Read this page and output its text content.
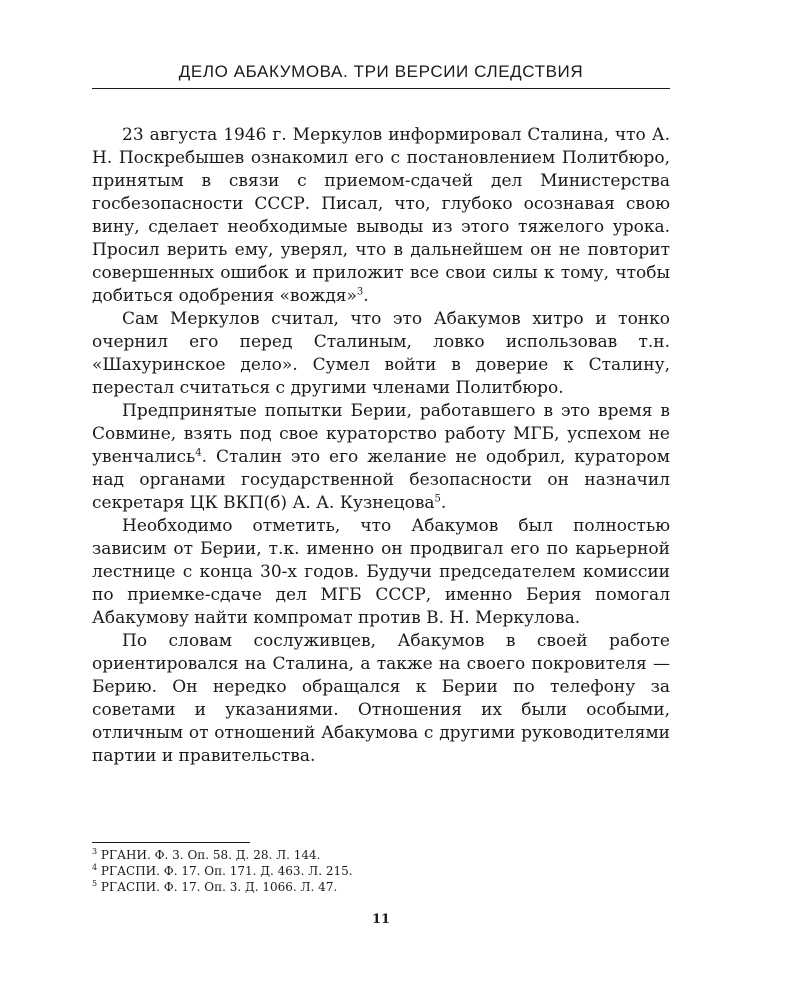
ДЕЛО АБАКУМОВА. ТРИ ВЕРСИИ СЛЕДСТВИЯ

23 августа 1946 г. Меркулов информировал Сталина, что А. Н. Поскребышев ознакомил его с постановлением Политбюро, принятым в связи с приемом-сдачей дел Министерства госбезопасности СССР. Писал, что, глубоко осознавая свою вину, сделает необходимые выводы из этого тяжелого урока. Просил верить ему, уверял, что в дальнейшем он не повторит совершенных ошибок и приложит все свои силы к тому, чтобы добиться одобрения «вождя»$^3$.

Сам Меркулов считал, что это Абакумов хитро и тонко очернил его перед Сталиным, ловко использовав т.н. «Шахуринское дело». Сумел войти в доверие к Сталину, перестал считаться с другими членами Политбюро.

Предпринятые попытки Берии, работавшего в это время в Совмине, взять под свое кураторство работу МГБ, успехом не увенчались$^4$. Сталин это его желание не одобрил, куратором над органами государственной безопасности он назначил секретаря ЦК ВКП(б) А. А. Кузнецова$^5$.

Необходимо отметить, что Абакумов был полностью зависим от Берии, т.к. именно он продвигал его по карьерной лестнице с конца 30-х годов. Будучи председателем комиссии по приемке-сдаче дел МГБ СССР, именно Берия помогал Абакумову найти компромат против В. Н. Меркулова.

По словам сослуживцев, Абакумов в своей работе ориентировался на Сталина, а также на своего покровителя — Берию. Он нередко обращался к Берии по телефону за советами и указаниями. Отношения их были особыми, отличным от отношений Абакумова с другими руководителями партии и правительства.

$^3$ РГАНИ. Ф. 3. Оп. 58. Д. 28. Л. 144.
$^4$ РГАСПИ. Ф. 17. Оп. 171. Д. 463. Л. 215.
$^5$ РГАСПИ. Ф. 17. Оп. 3. Д. 1066. Л. 47.
11
